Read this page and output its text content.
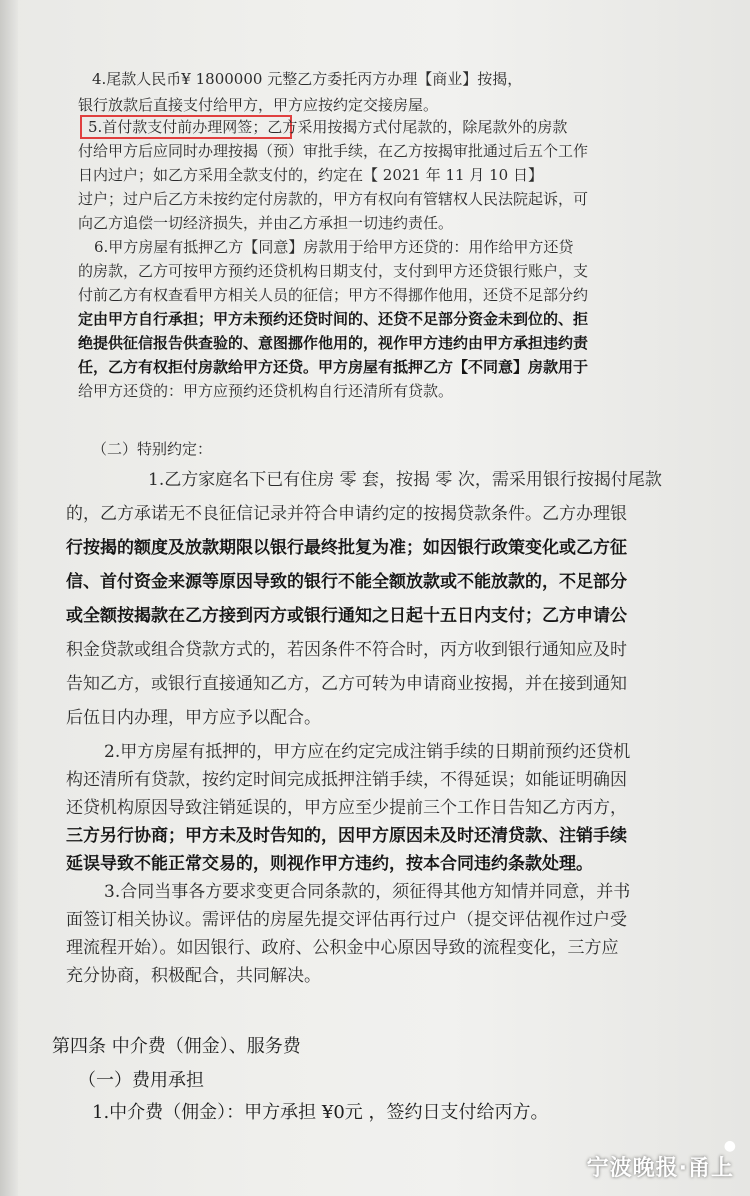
4.尾款人民币¥ 1800000 元整乙方委托丙方办理【商业】按揭，
银行放款后直接支付给甲方，甲方应按约定交接房屋。
5.首付款支付前办理网签；乙方采用按揭方式付尾款的，除尾款外的房款
付给甲方后应同时办理按揭（预）审批手续，在乙方按揭审批通过后五个工作
日内过户；如乙方采用全款支付的，约定在【 2021 年 11 月 10 日】
过户；过户后乙方未按约定付房款的，甲方有权向有管辖权人民法院起诉，可
向乙方追偿一切经济损失，并由乙方承担一切违约责任。
6.甲方房屋有抵押乙方【同意】房款用于给甲方还贷的：用作给甲方还贷
的房款，乙方可按甲方预约还贷机构日期支付，支付到甲方还贷银行账户，支
付前乙方有权查看甲方相关人员的征信；甲方不得挪作他用，还贷不足部分约
定由甲方自行承担；甲方未预约还贷时间的、还贷不足部分资金未到位的、拒
绝提供征信报告供查验的、意图挪作他用的，视作甲方违约由甲方承担违约责
任，乙方有权拒付房款给甲方还贷。甲方房屋有抵押乙方【不同意】房款用于
给甲方还贷的：甲方应预约还贷机构自行还清所有贷款。
（二）特别约定：
1.乙方家庭名下已有住房 零 套，按揭 零 次，需采用银行按揭付尾款
的，乙方承诺无不良征信记录并符合申请约定的按揭贷款条件。乙方办理银
行按揭的额度及放款期限以银行最终批复为准；如因银行政策变化或乙方征
信、首付资金来源等原因导致的银行不能全额放款或不能放款的，不足部分
或全额按揭款在乙方接到丙方或银行通知之日起十五日内支付；乙方申请公
积金贷款或组合贷款方式的，若因条件不符合时，丙方收到银行通知应及时
告知乙方，或银行直接通知乙方，乙方可转为申请商业按揭，并在接到通知
后伍日内办理，甲方应予以配合。
2.甲方房屋有抵押的，甲方应在约定完成注销手续的日期前预约还贷机
构还清所有贷款，按约定时间完成抵押注销手续，不得延误；如能证明确因
还贷机构原因导致注销延误的，甲方应至少提前三个工作日告知乙方丙方，
三方另行协商；甲方未及时告知的，因甲方原因未及时还清贷款、注销手续
延误导致不能正常交易的，则视作甲方违约，按本合同违约条款处理。
3.合同当事各方要求变更合同条款的，须征得其他方知情并同意，并书
面签订相关协议。需评估的房屋先提交评估再行过户（提交评估视作过户受
理流程开始）。如因银行、政府、公积金中心原因导致的流程变化，三方应
充分协商，积极配合，共同解决。
第四条 中介费（佣金）、服务费
（一）费用承担
1.中介费（佣金）：甲方承担 ¥0元 ，签约日支付给丙方。
●
宁波晚报·甬上
